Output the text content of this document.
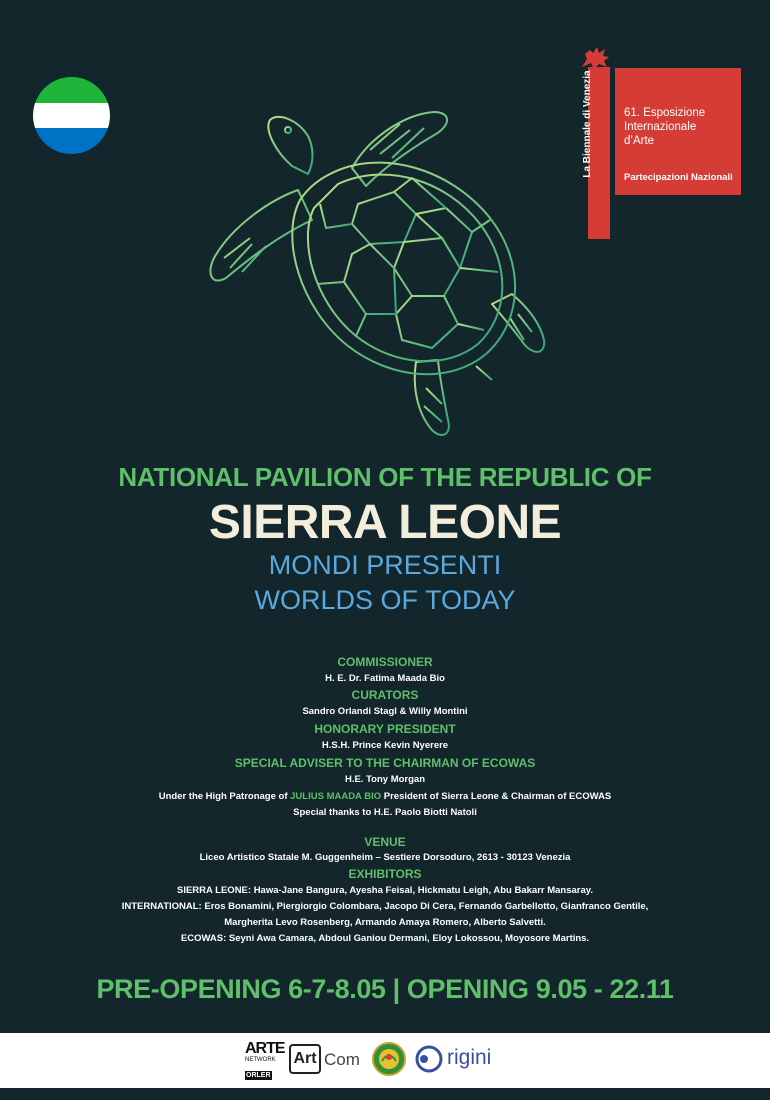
La Biennale di Venezia	61. Esposizione
Internazionale
d’Arte
Partecipazioni Nazionali
NATIONAL PAVILION OF THE REPUBLIC OF
SIERRA LEONE
MONDI PRESENTI
WORLDS OF TODAY
COMMISSIONER
H. E. Dr. Fatima Maada Bio
CURATORS
Sandro Orlandi Stagl & Willy Montini
HONORARY PRESIDENT
H.S.H. Prince Kevin Nyerere
SPECIAL ADVISER TO THE CHAIRMAN OF ECOWAS
H.E. Tony Morgan
Under the High Patronage of JULIUS MAADA BIO President of Sierra Leone & Chairman of ECOWAS
Special thanks to H.E. Paolo Biotti Natoli
VENUE
Liceo Artistico Statale M. Guggenheim – Sestiere Dorsoduro, 2613 - 30123 Venezia
EXHIBITORS
SIERRA LEONE: Hawa-Jane Bangura, Ayesha Feisal, Hickmatu Leigh, Abu Bakarr Mansaray.
INTERNATIONAL: Eros Bonamini, Piergiorgio Colombara, Jacopo Di Cera, Fernando Garbellotto, Gianfranco Gentile,
Margherita Levo Rosenberg, Armando Amaya Romero, Alberto Salvetti.
ECOWAS: Seyni Awa Camara, Abdoul Ganiou Dermani, Eloy Lokossou, Moyosore Martins.
PRE-OPENING 6-7-8.05 | OPENING 9.05 - 22.11
ARTE
NETWORK
ORLER
Art Com	rigini
